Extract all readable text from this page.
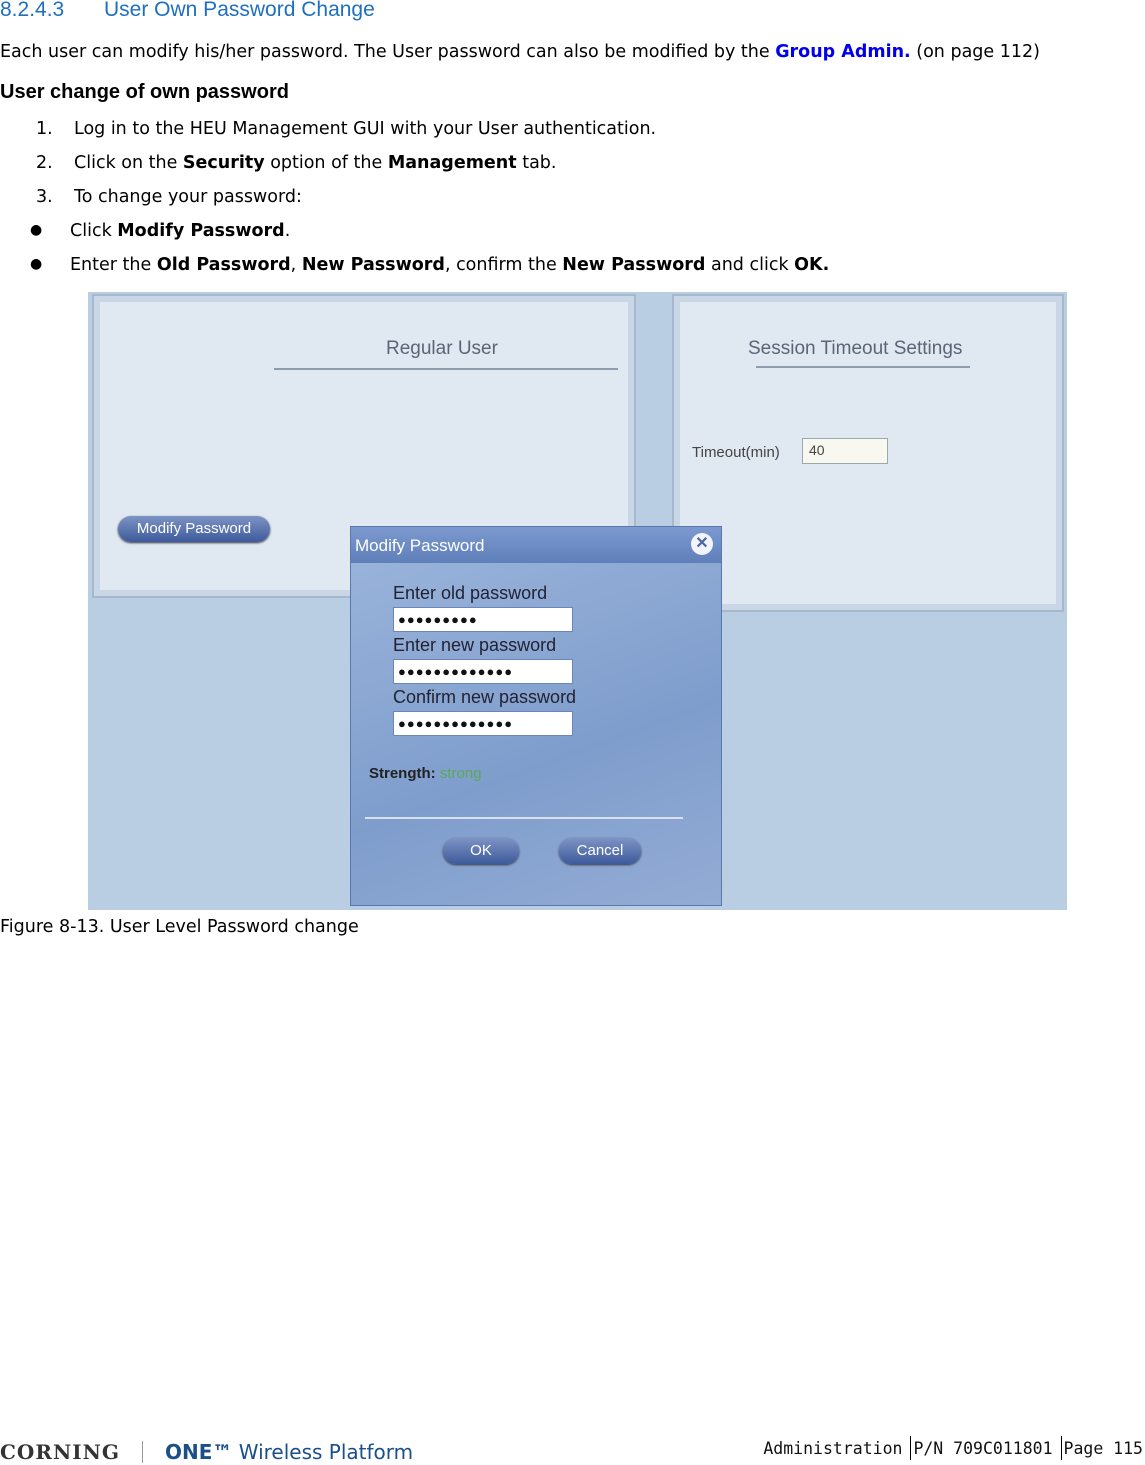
8.2.4.3 User Own Password Change
Each user can modify his/her password. The User password can also be modified by the Group Admin. (on page 112)
User change of own password
1. Log in to the HEU Management GUI with your User authentication.
2. Click on the Security option of the Management tab.
3. To change your password:
● Click Modify Password.
● Enter the Old Password, New Password, confirm the New Password and click OK.
Regular User
Modify Password
Session Timeout Settings
Timeout(min)	40
Modify Password	✕
Enter old password
●●●●●●●●●
Enter new password
●●●●●●●●●●●●●
Confirm new password
●●●●●●●●●●●●●
Strength: strong
OK	Cancel
Figure 8-13. User Level Password change
CORNING ONE™ Wireless Platform	Administration P/N 709C011801 Page 115
